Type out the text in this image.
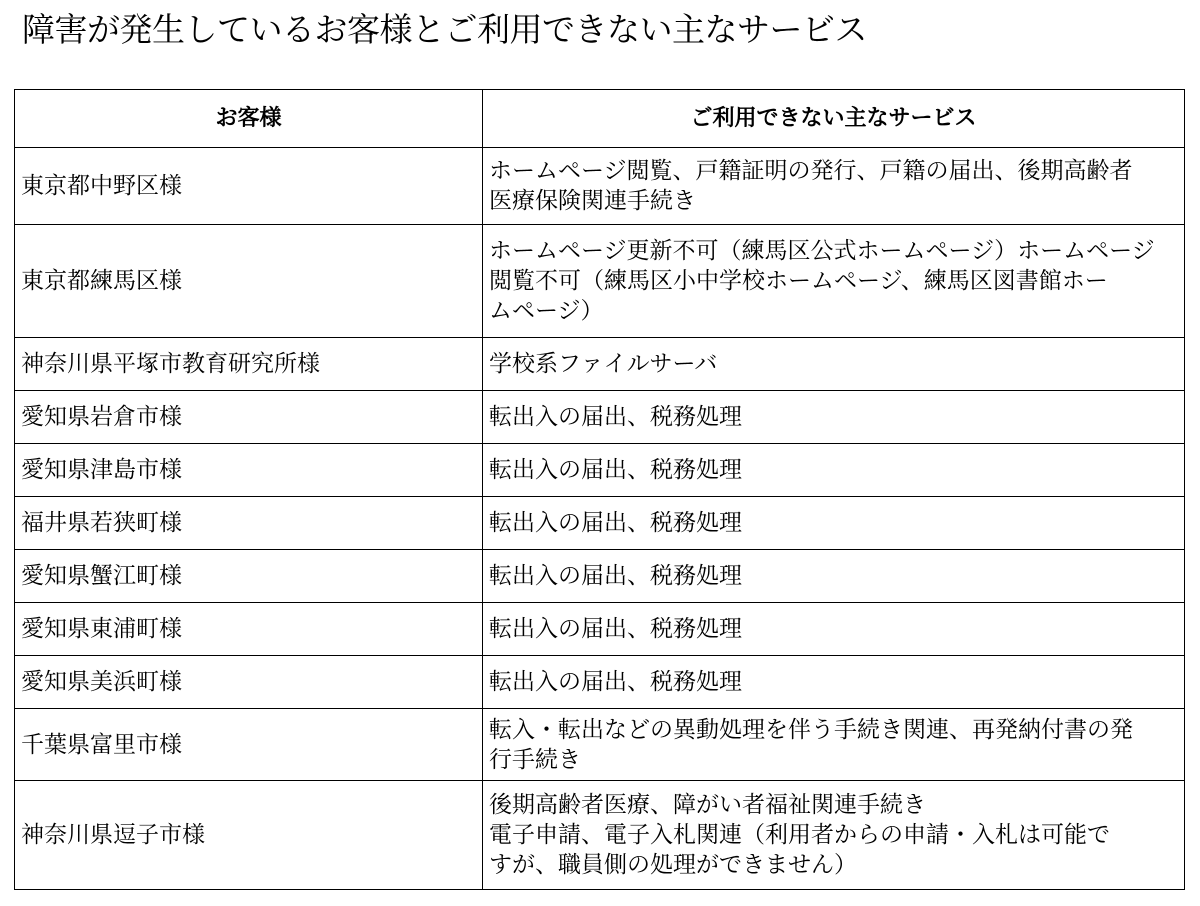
障害が発生しているお客様とご利用できない主なサービス
お客様	ご利用できない主なサービス
東京都中野区様	ホームページ閲覧、戸籍証明の発行、戸籍の届出、後期高齢者
医療保険関連手続き

東京都練馬区様	ホームページ更新不可（練馬区公式ホームページ）ホームページ
閲覧不可（練馬区小中学校ホームページ、練馬区図書館ホー
ムページ）

神奈川県平塚市教育研究所様	学校系ファイルサーバ

愛知県岩倉市様	転出入の届出、税務処理

愛知県津島市様	転出入の届出、税務処理

福井県若狭町様	転出入の届出、税務処理

愛知県蟹江町様	転出入の届出、税務処理

愛知県東浦町様	転出入の届出、税務処理

愛知県美浜町様	転出入の届出、税務処理

千葉県富里市様	転入・転出などの異動処理を伴う手続き関連、再発納付書の発
行手続き

神奈川県逗子市様	後期高齢者医療、障がい者福祉関連手続き
電子申請、電子入札関連（利用者からの申請・入札は可能で
すが、職員側の処理ができません）
